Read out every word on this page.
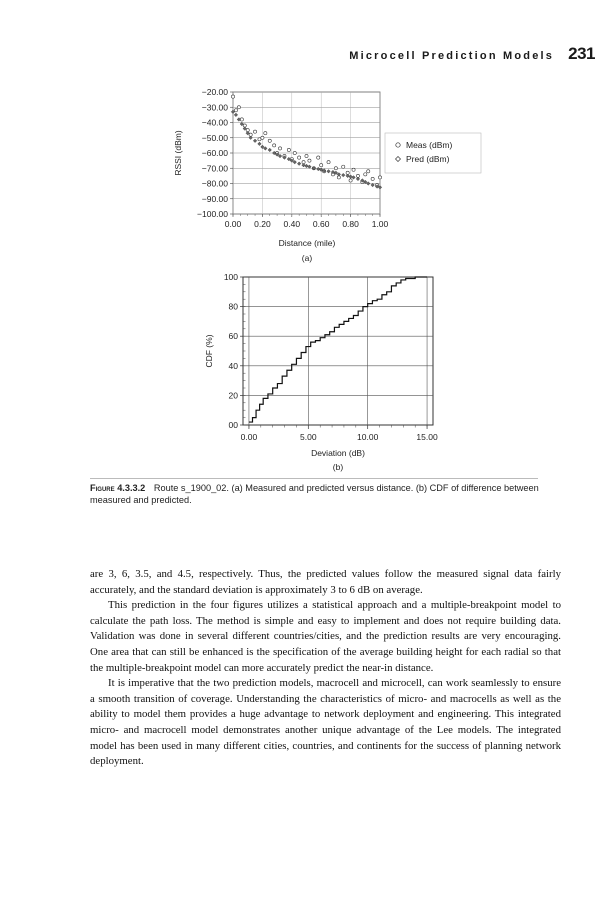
Microcell Prediction Models 231
−20.00
−30.00
−40.00
−50.00
−60.00
−70.00
−80.00
−90.00
−100.00
0.00 0.20 0.40 0.60 0.80 1.00
RSSI (dBm)
Distance (mile)
(a)
Meas (dBm)
Pred (dBm)
100
80
60
40
20
00
0.00	5.00	10.00	15.00
CDF (%)
Deviation (dB)
(b)
Figure 4.3.3.2 Route s_1900_02. (a) Measured and predicted versus distance. (b) CDF of difference between measured and predicted.

are 3, 6, 3.5, and 4.5, respectively. Thus, the predicted values follow the measured signal data fairly accurately, and the standard deviation is approximately 3 to 6 dB on average.

This prediction in the four figures utilizes a statistical approach and a multiple-breakpoint model to calculate the path loss. The method is simple and easy to implement and does not require building data. Validation was done in several different countries/cities, and the prediction results are very encouraging. One area that can still be enhanced is the specification of the average building height for each radial so that the multiple-breakpoint model can more accurately predict the near-in distance.

It is imperative that the two prediction models, macrocell and microcell, can work seamlessly to ensure a smooth transition of coverage. Understanding the characteristics of micro- and macrocells as well as the ability to model them provides a huge advantage to network deployment and engineering. This integrated micro- and macrocell model demonstrates another unique advantage of the Lee models. The integrated model has been used in many different cities, countries, and continents for the success of planning network deployment.
